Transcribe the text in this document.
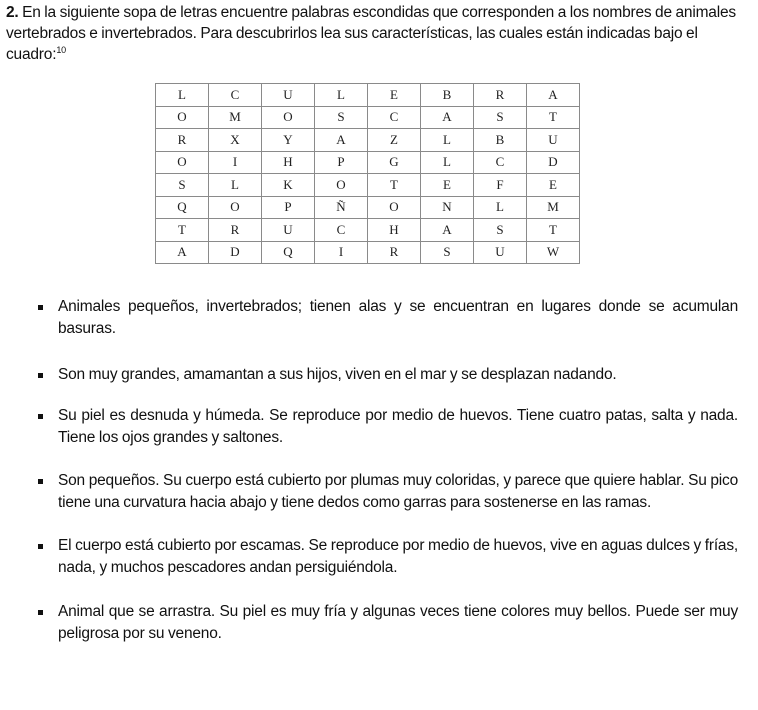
2. En la siguiente sopa de letras encuentre palabras escondidas que corresponden a los nombres de animales vertebrados e invertebrados. Para descubrirlos lea sus características, las cuales están indicadas bajo el cuadro:$^{10}$
L	C	U	L	E	B	R	A
O	M	O	S	C	A	S	T
R	X	Y	A	Z	L	B	U
O	I	H	P	G	L	C	D
S	L	K	O	T	E	F	E
Q	O	P	Ñ	O	N	L	M
T	R	U	C	H	A	S	T
A	D	Q	I	R	S	U	W
Animales pequeños, invertebrados; tienen alas y se encuentran en lugares donde se acumulan basuras.
Son muy grandes, amamantan a sus hijos, viven en el mar y se desplazan nadando.
Su piel es desnuda y húmeda. Se reproduce por medio de huevos. Tiene cuatro patas, salta y nada. Tiene los ojos grandes y saltones.
Son pequeños. Su cuerpo está cubierto por plumas muy coloridas, y parece que quiere hablar. Su pico tiene una curvatura hacia abajo y tiene dedos como garras para sostenerse en las ramas.
El cuerpo está cubierto por escamas. Se reproduce por medio de huevos, vive en aguas dulces y frías, nada, y muchos pescadores andan persiguiéndola.
Animal que se arrastra. Su piel es muy fría y algunas veces tiene colores muy bellos. Puede ser muy peligrosa por su veneno.
